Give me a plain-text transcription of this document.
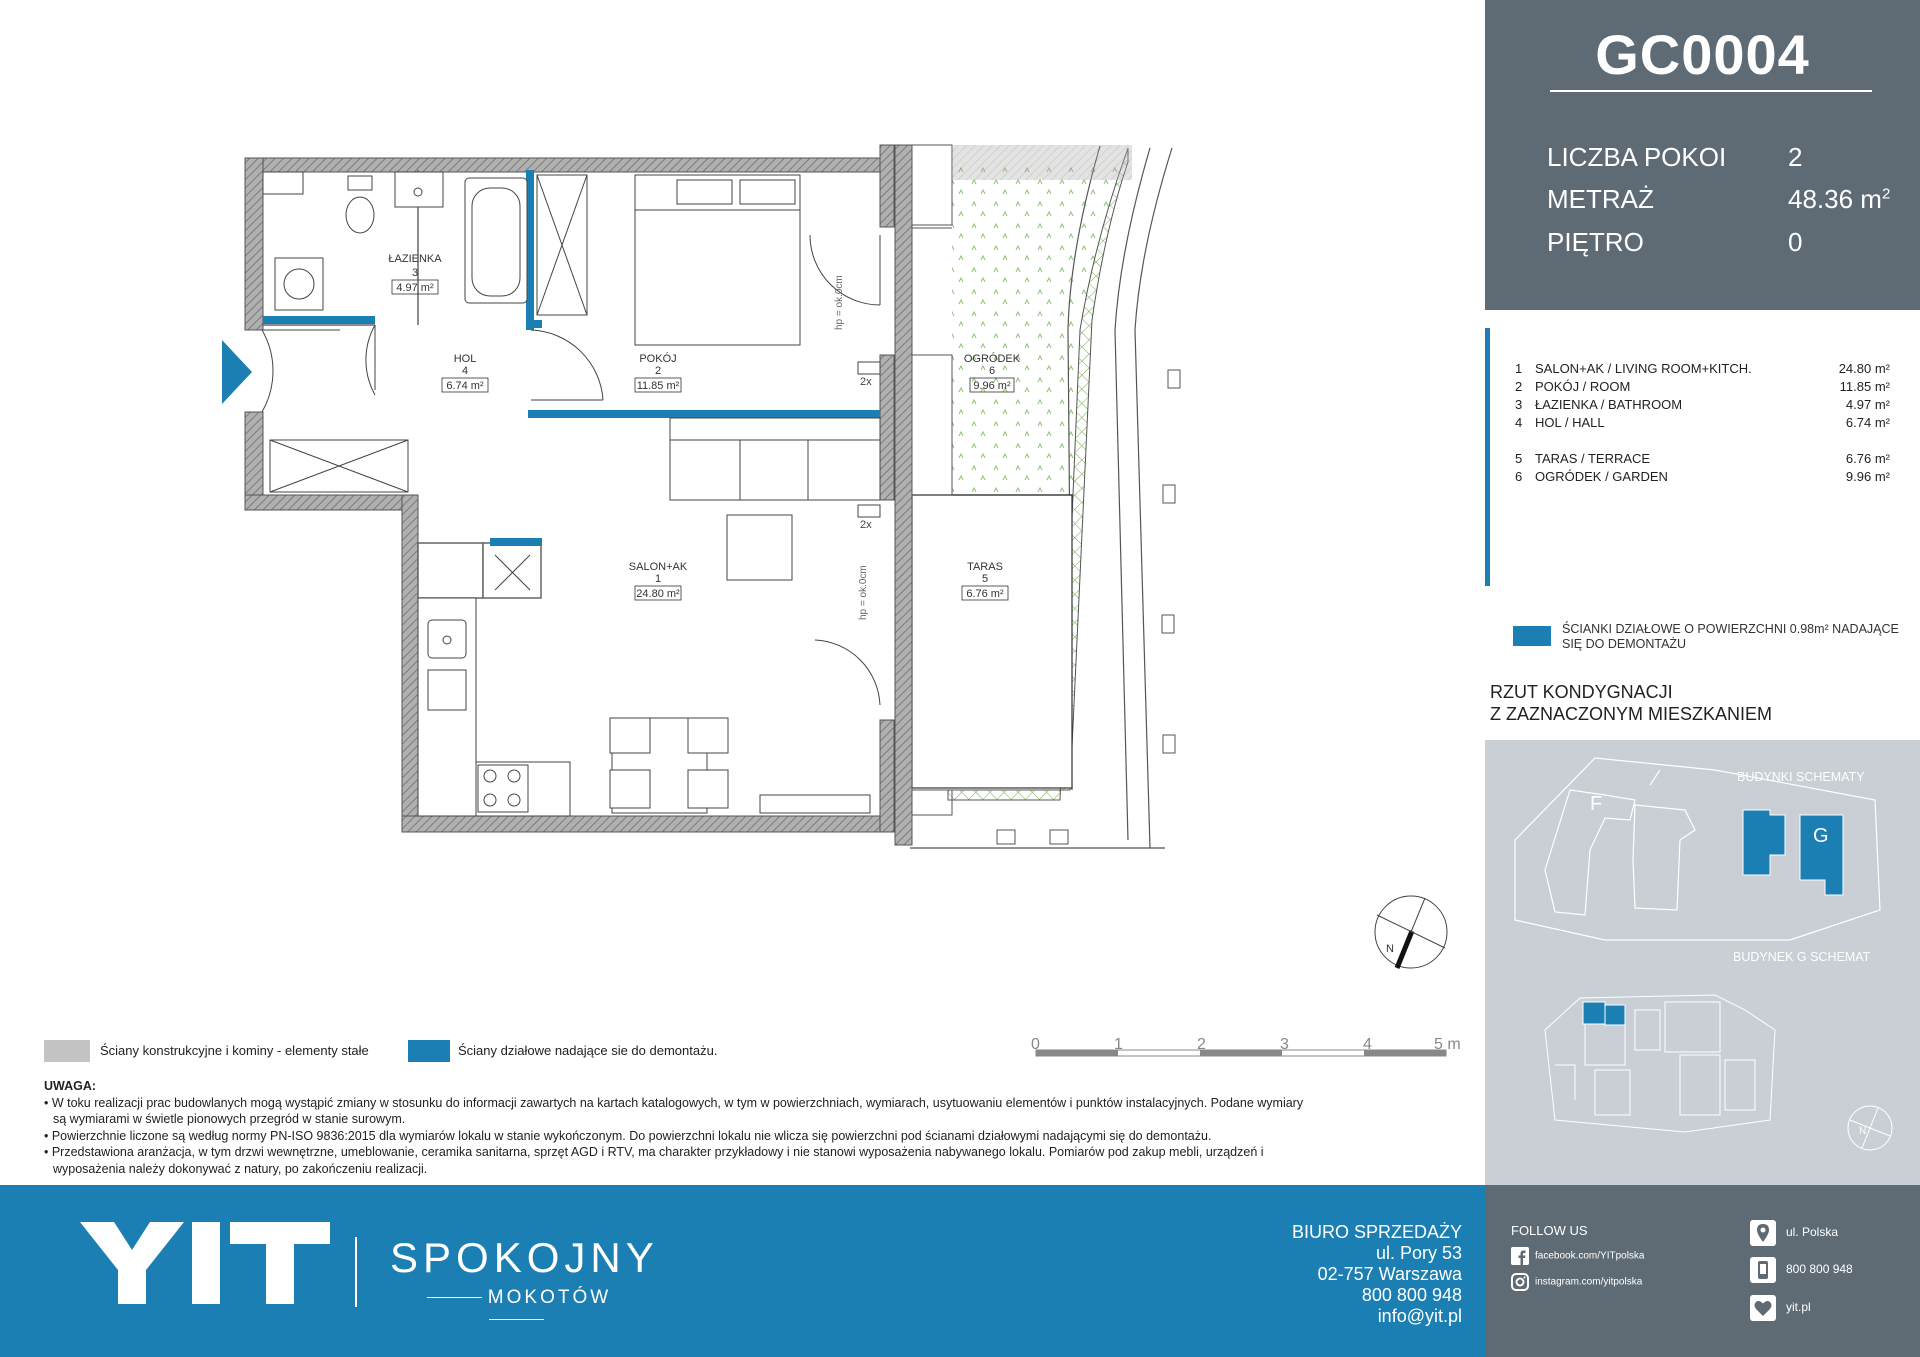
hp = ok.0cm
hp = ok.0cm
2x
2x
ŁAZIENKA
3
4.97 m²
HOL
4
6.74 m²
POKÓJ
2
11.85 m²
OGRÓDEK
6
9.96 m²
SALON+AK
1
24.80 m²
TARAS
5
6.76 m²
N
0	1	2	3	4	5 m
GC0004
LICZBA POKOI 2
METRAŻ	48.36 $m^2$
PIĘTRO	0
1 SALON+AK / LIVING ROOM+KITCH.	24.80 m²
2 POKÓJ / ROOM	11.85 m²
3 ŁAZIENKA / BATHROOM	4.97 m²
4 HOL / HALL	6.74 m²
5 TARAS / TERRACE	6.76 m²
6 OGRÓDEK / GARDEN	9.96 m²
ŚCIANKI DZIAŁOWE O POWIERZCHNI 0.98m² NADAJĄCE SIĘ DO DEMONTAŻU
RZUT KONDYGNACJI
Z ZAZNACZONYM MIESZKANIEM
BUDYNKI SCHEMATY
F
G
N
BUDYNEK G SCHEMAT
Ściany konstrukcyjne i kominy - elementy stałe	Ściany działowe nadające sie do demontażu.
UWAGA:
• W toku realizacji prac budowlanych mogą wystąpić zmiany w stosunku do informacji zawartych na kartach katalogowych, w tym w powierzchniach, wymiarach, usytuowaniu elementów i punktów instalacyjnych. Podane wymiary
są wymiarami w świetle pionowych przegród w stanie surowym.
• Powierzchnie liczone są według normy PN-ISO 9836:2015 dla wymiarów lokalu w stanie wykończonym. Do powierzchni lokalu nie wlicza się powierzchni pod ścianami działowymi nadającymi się do demontażu.
• Przedstawiona aranżacja, w tym drzwi wewnętrzne, umeblowanie, ceramika sanitarna, sprzęt AGD i RTV, ma charakter przykładowy i nie stanowi wyposażenia nabywanego lokalu. Pomiarów pod zakup mebli, urządzeń i
wyposażenia należy dokonywać z natury, po zakończeniu realizacji.
SPOKOJNY
MOKOTÓW
BIURO SPRZEDAŻY
ul. Pory 53
02-757 Warszawa
800 800 948
info@yit.pl
FOLLOW US
facebook.com/YITpolska
instagram.com/yitpolska
ul. Polska
800 800 948
yit.pl
